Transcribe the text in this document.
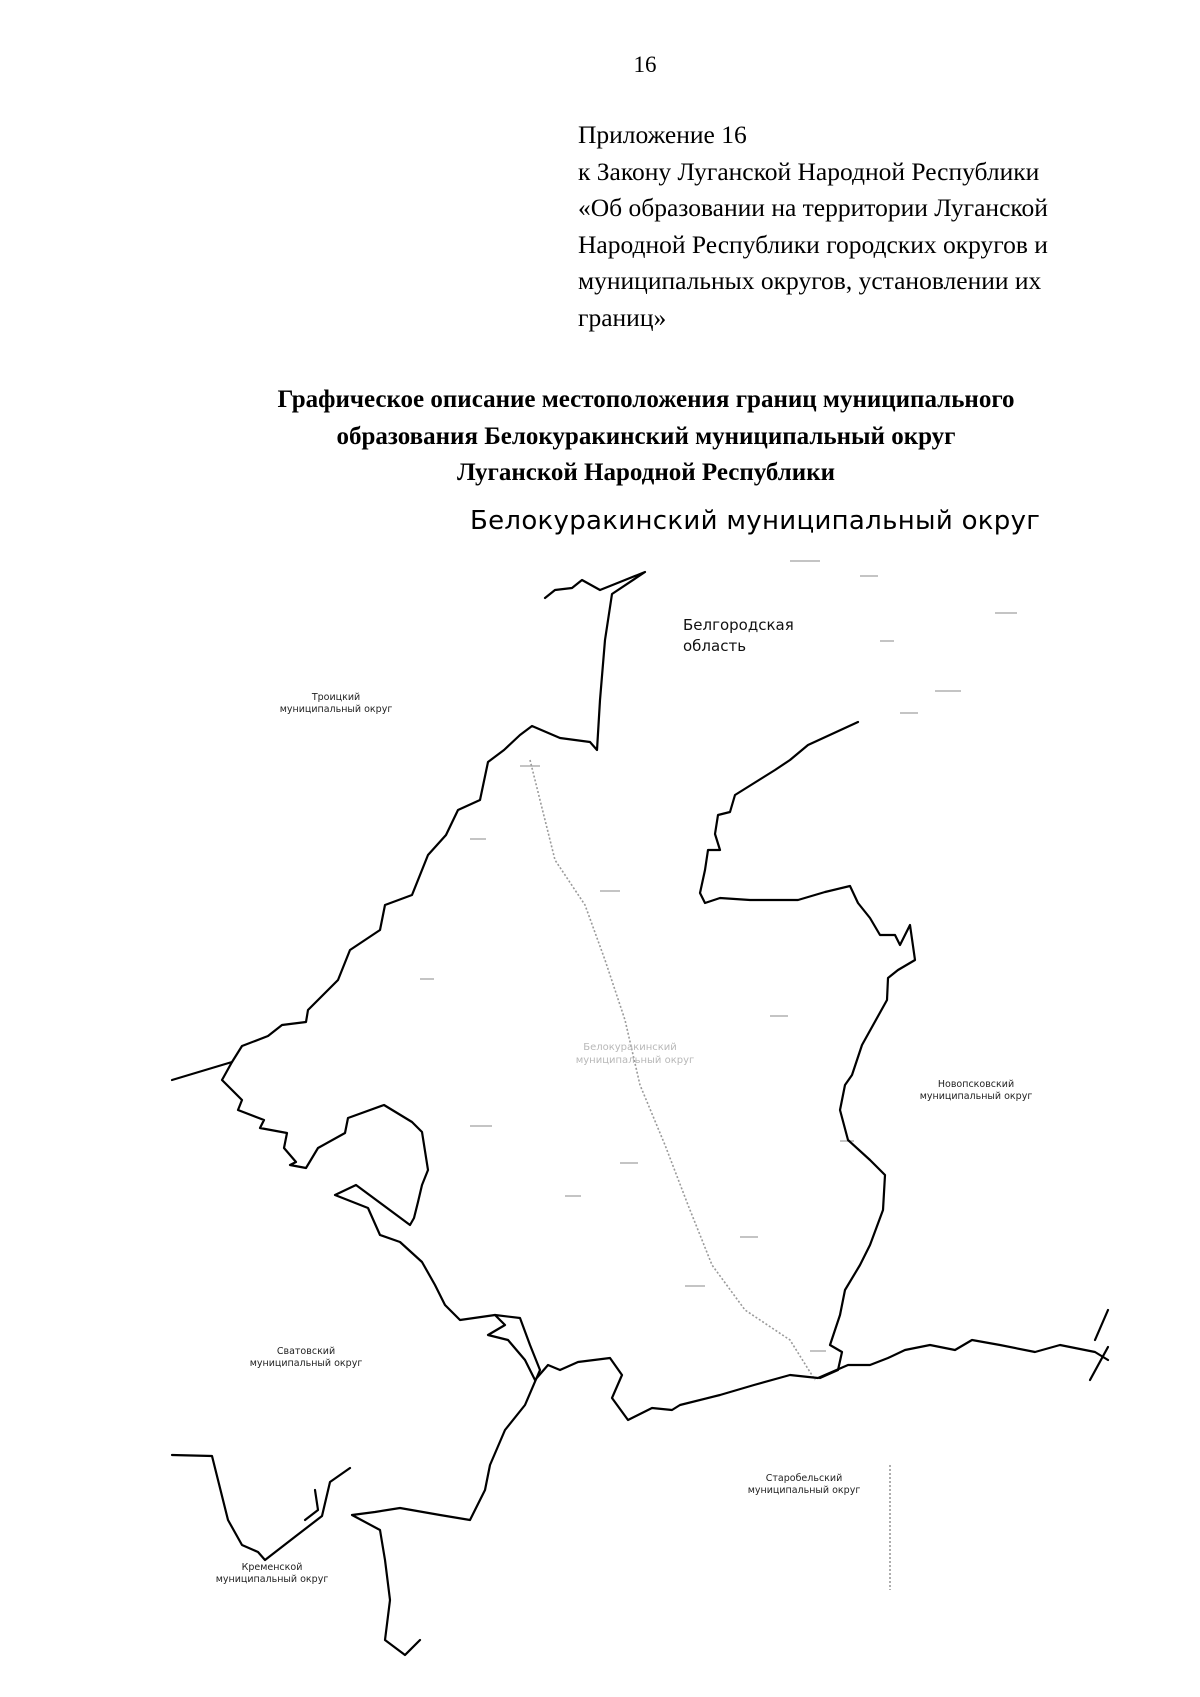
16
Приложение 16
к Закону Луганской Народной Республики
«Об образовании на территории Луганской
Народной Республики городских округов и
муниципальных округов, установлении их
границ»
Графическое описание местоположения границ муниципального
образования Белокуракинский муниципальный округ
Луганской Народной Республики
Белокуракинский муниципальный округ
Белгородская
область
Троицкий
муниципальный округ
Белокуракинский
муниципальный округ
Новопсковский
муниципальный округ
Сватовский
муниципальный округ
Старобельский
муниципальный округ
Кременской
муниципальный округ
